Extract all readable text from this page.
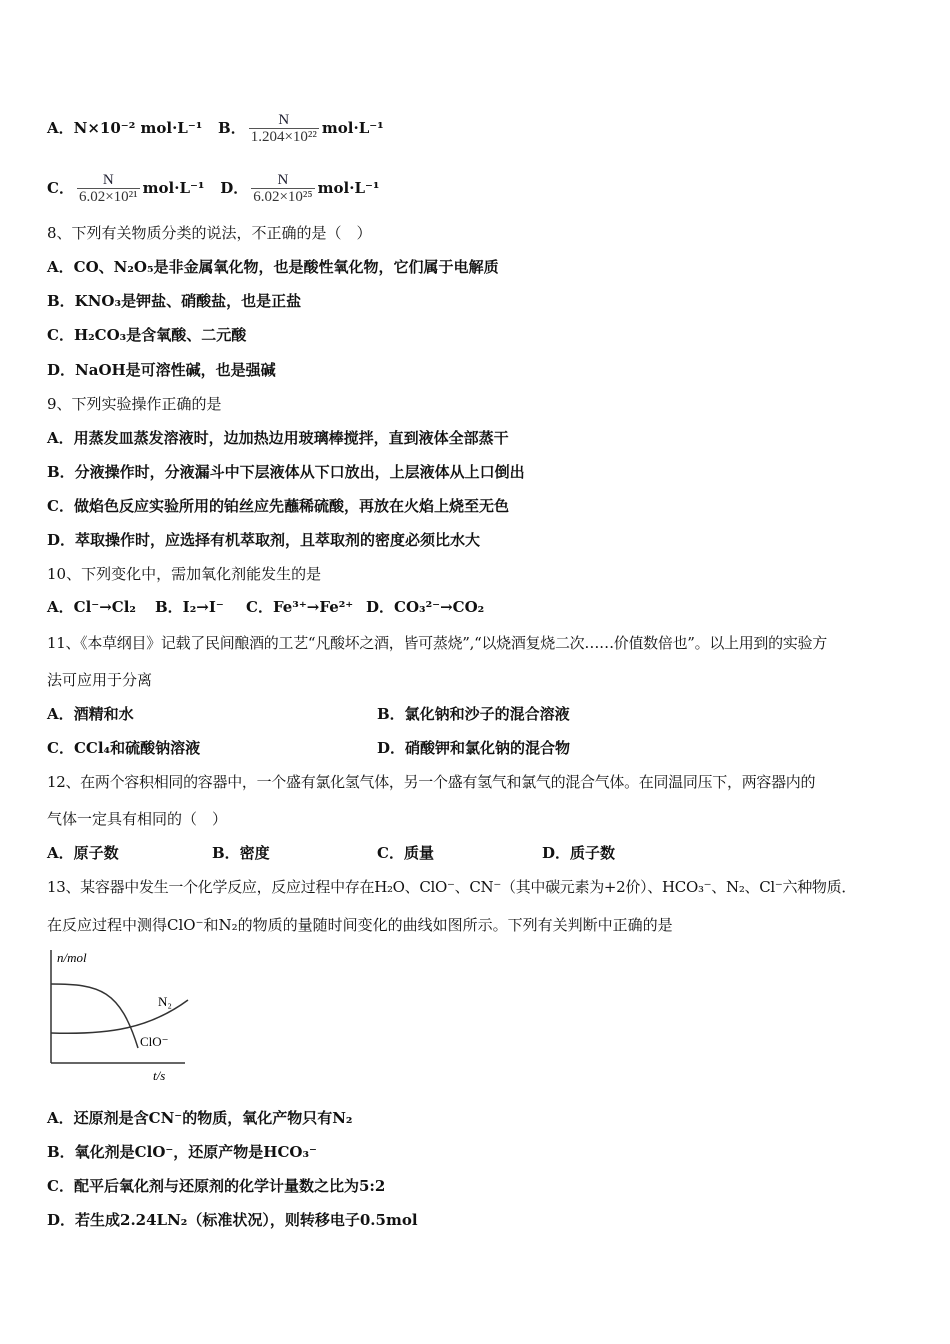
A．N×10⁻² mol·L⁻¹ B． $\frac{N}{\text{1.204×10²²}} mol\cdot L^{-1}$
C． $\frac{N}{\text{6.02×10²¹}} mol\cdot L^{-1}$ D． $\frac{N}{\text{6.02×10²⁵}} mol\cdot L^{-1}$
8、下列有关物质分类的说法，不正确的是（　）
A．CO、N₂O₅是非金属氧化物，也是酸性氧化物，它们属于电解质
B．KNO₃是钾盐、硝酸盐，也是正盐
C．H₂CO₃是含氧酸、二元酸
D．NaOH是可溶性碱，也是强碱
9、下列实验操作正确的是
A．用蒸发皿蒸发溶液时，边加热边用玻璃棒搅拌，直到液体全部蒸干
B．分液操作时，分液漏斗中下层液体从下口放出，上层液体从上口倒出
C．做焰色反应实验所用的铂丝应先蘸稀硫酸，再放在火焰上烧至无色
D．萃取操作时，应选择有机萃取剂，且萃取剂的密度必须比水大
10、下列变化中，需加氧化剂能发生的是
A．Cl⁻→Cl₂ B．I₂→I⁻ C．Fe³⁺→Fe²⁺ D．CO₃²⁻→CO₂
11、《本草纲目》记载了民间酿酒的工艺“凡酸坏之酒，皆可蒸烧”,“以烧酒复烧二次……价值数倍也”。以上用到的实验方
法可应用于分离
A．酒精和水	B．氯化钠和沙子的混合溶液
C．CCl₄和硫酸钠溶液	D．硝酸钾和氯化钠的混合物
12、在两个容积相同的容器中，一个盛有氯化氢气体，另一个盛有氢气和氯气的混合气体。在同温同压下，两容器内的
气体一定具有相同的（　）
A．原子数	B．密度	C．质量	D．质子数
13、某容器中发生一个化学反应，反应过程中存在H₂O、ClO⁻、CN⁻（其中碳元素为+2价）、HCO₃⁻、N₂、Cl⁻六种物质．
在反应过程中测得ClO⁻和N₂的物质的量随时间变化的曲线如图所示。下列有关判断中正确的是
n/mol
N₂
ClO⁻
t/s
A．还原剂是含CN⁻的物质，氧化产物只有N₂
B．氧化剂是ClO⁻，还原产物是HCO₃⁻
C．配平后氧化剂与还原剂的化学计量数之比为5:2
D．若生成2.24LN₂（标准状况），则转移电子0.5mol
